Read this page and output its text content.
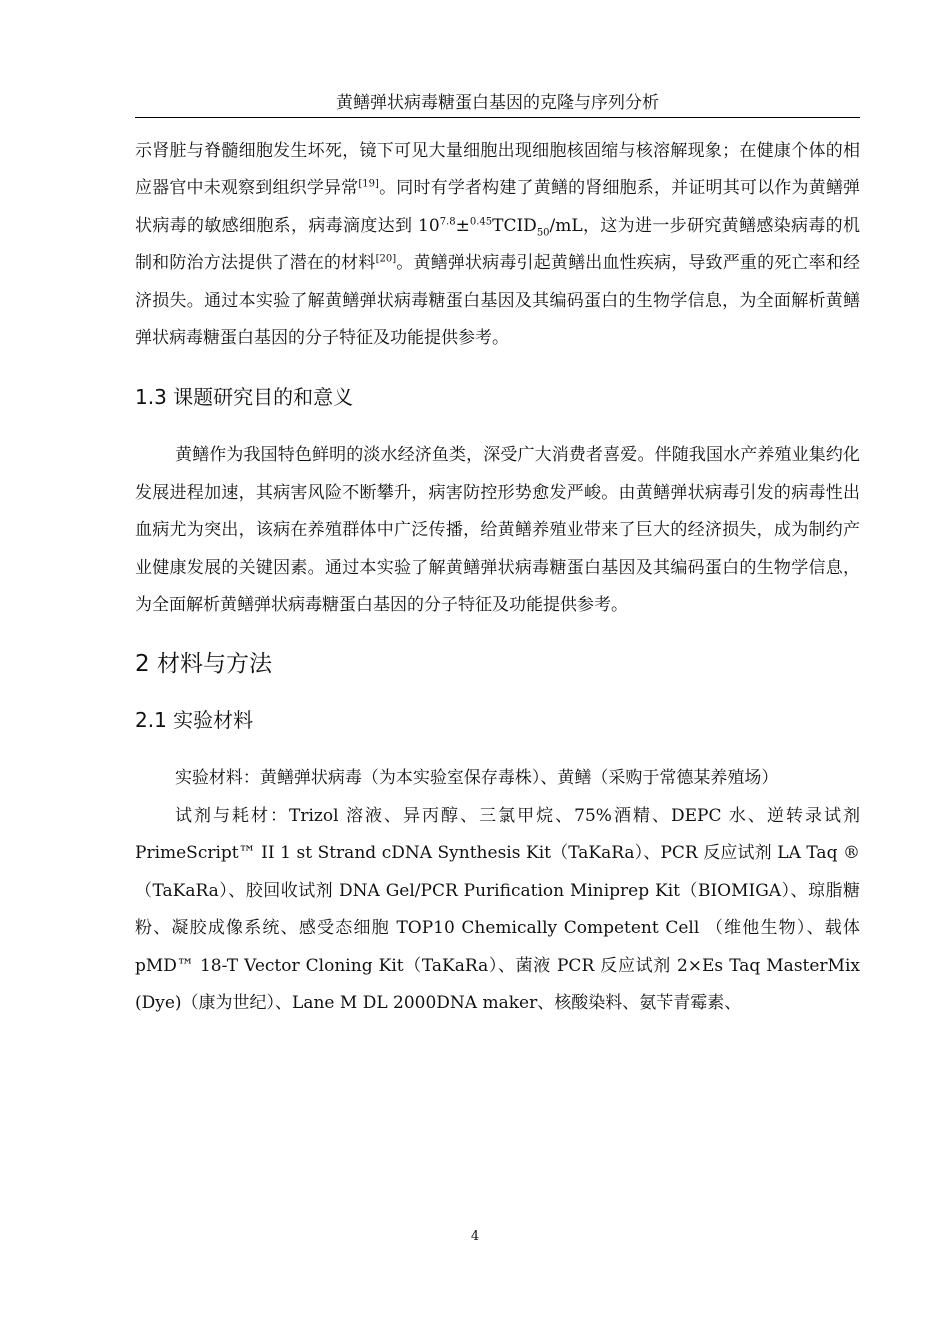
黄鳝弹状病毒糖蛋白基因的克隆与序列分析

示肾脏与脊髓细胞发生坏死，镜下可见大量细胞出现细胞核固缩与核溶解现象；在健康个体的相应器官中未观察到组织学异常[19]。同时有学者构建了黄鳝的肾细胞系，并证明其可以作为黄鳝弹状病毒的敏感细胞系，病毒滴度达到 $10^{7.8}\pm^{0.45}TCID_{50}/mL$，这为进一步研究黄鳝感染病毒的机制和防治方法提供了潜在的材料[20]。黄鳝弹状病毒引起黄鳝出血性疾病，导致严重的死亡率和经济损失。通过本实验了解黄鳝弹状病毒糖蛋白基因及其编码蛋白的生物学信息，为全面解析黄鳝弹状病毒糖蛋白基因的分子特征及功能提供参考。

1.3 课题研究目的和意义

黄鳝作为我国特色鲜明的淡水经济鱼类，深受广大消费者喜爱。伴随我国水产养殖业集约化发展进程加速，其病害风险不断攀升，病害防控形势愈发严峻。由黄鳝弹状病毒引发的病毒性出血病尤为突出，该病在养殖群体中广泛传播，给黄鳝养殖业带来了巨大的经济损失，成为制约产业健康发展的关键因素。通过本实验了解黄鳝弹状病毒糖蛋白基因及其编码蛋白的生物学信息，为全面解析黄鳝弹状病毒糖蛋白基因的分子特征及功能提供参考。

2 材料与方法
2.1 实验材料

实验材料：黄鳝弹状病毒（为本实验室保存毒株）、黄鳝（采购于常德某养殖场）

试剂与耗材：Trizol 溶液、异丙醇、三氯甲烷、75%酒精、DEPC 水、逆转录试剂 PrimeScript™ II 1 st Strand cDNA Synthesis Kit（TaKaRa）、PCR 反应试剂 LA Taq ®（TaKaRa）、胶回收试剂 DNA Gel/PCR Purification Miniprep Kit（BIOMIGA）、琼脂糖粉、凝胶成像系统、感受态细胞 TOP10 Chemically Competent Cell （维他生物）、载体 pMD™ 18-T Vector Cloning Kit（TaKaRa）、菌液 PCR 反应试剂 2×Es Taq MasterMix (Dye)（康为世纪）、Lane M DL 2000DNA maker、核酸染料、氨苄青霉素、

4
